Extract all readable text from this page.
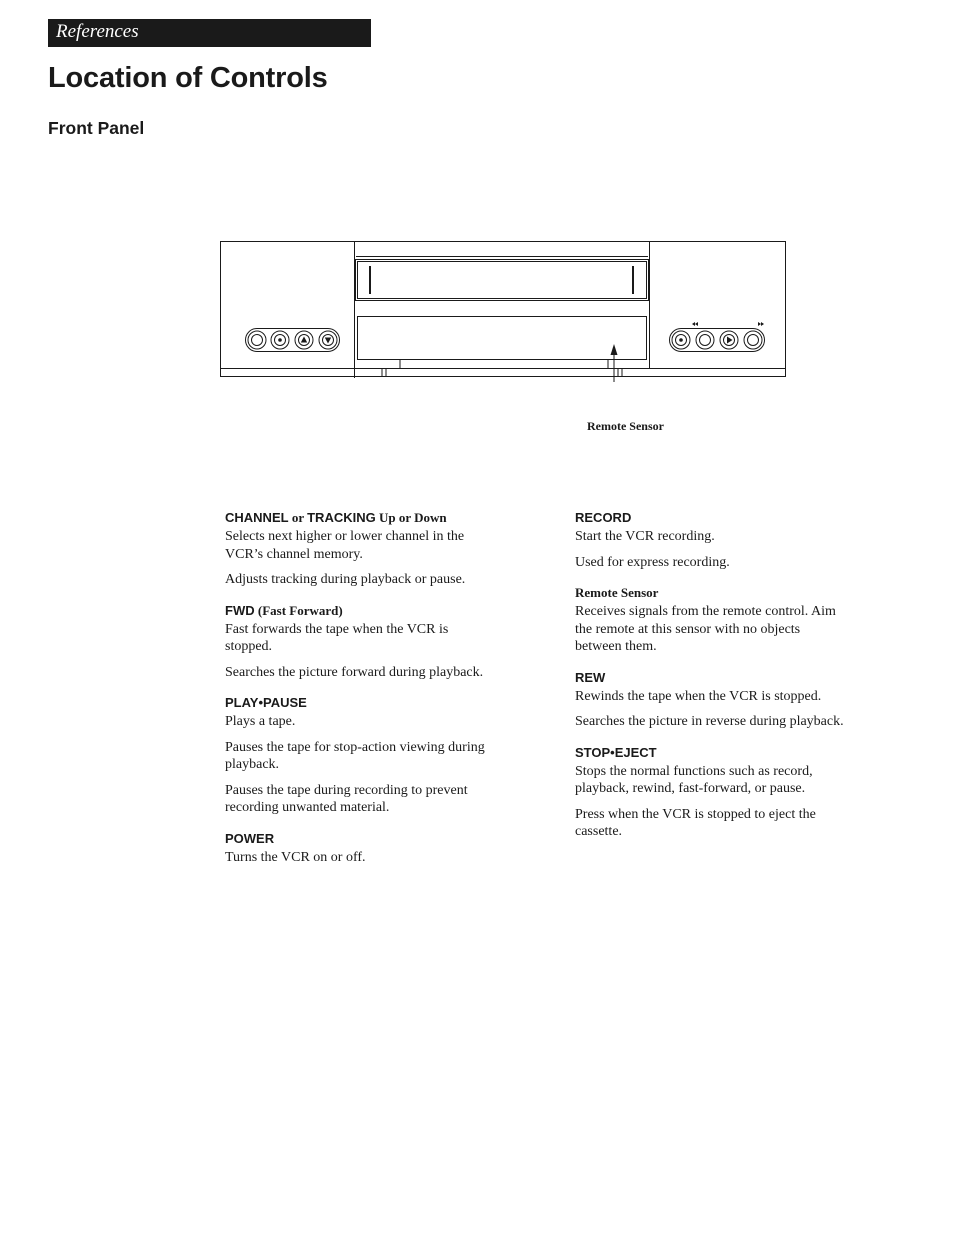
References
Location of Controls
Front Panel
Remote Sensor
CHANNEL or TRACKING Up or Down

Selects next higher or lower channel in the VCR’s channel memory.

Adjusts tracking during playback or pause.

FWD (Fast Forward)

Fast forwards the tape when the VCR is stopped.

Searches the picture forward during playback.

PLAY•PAUSE

Plays a tape.

Pauses the tape for stop-action viewing during playback.

Pauses the tape during recording to prevent recording unwanted material.

POWER

Turns the VCR on or off.

RECORD

Start the VCR recording.

Used for express recording.

Remote Sensor

Receives signals from the remote control. Aim the remote at this sensor with no objects between them.

REW

Rewinds the tape when the VCR is stopped.

Searches the picture in reverse during playback.

STOP•EJECT

Stops the normal functions such as record, playback, rewind, fast-forward, or pause.

Press when the VCR is stopped to eject the cassette.
